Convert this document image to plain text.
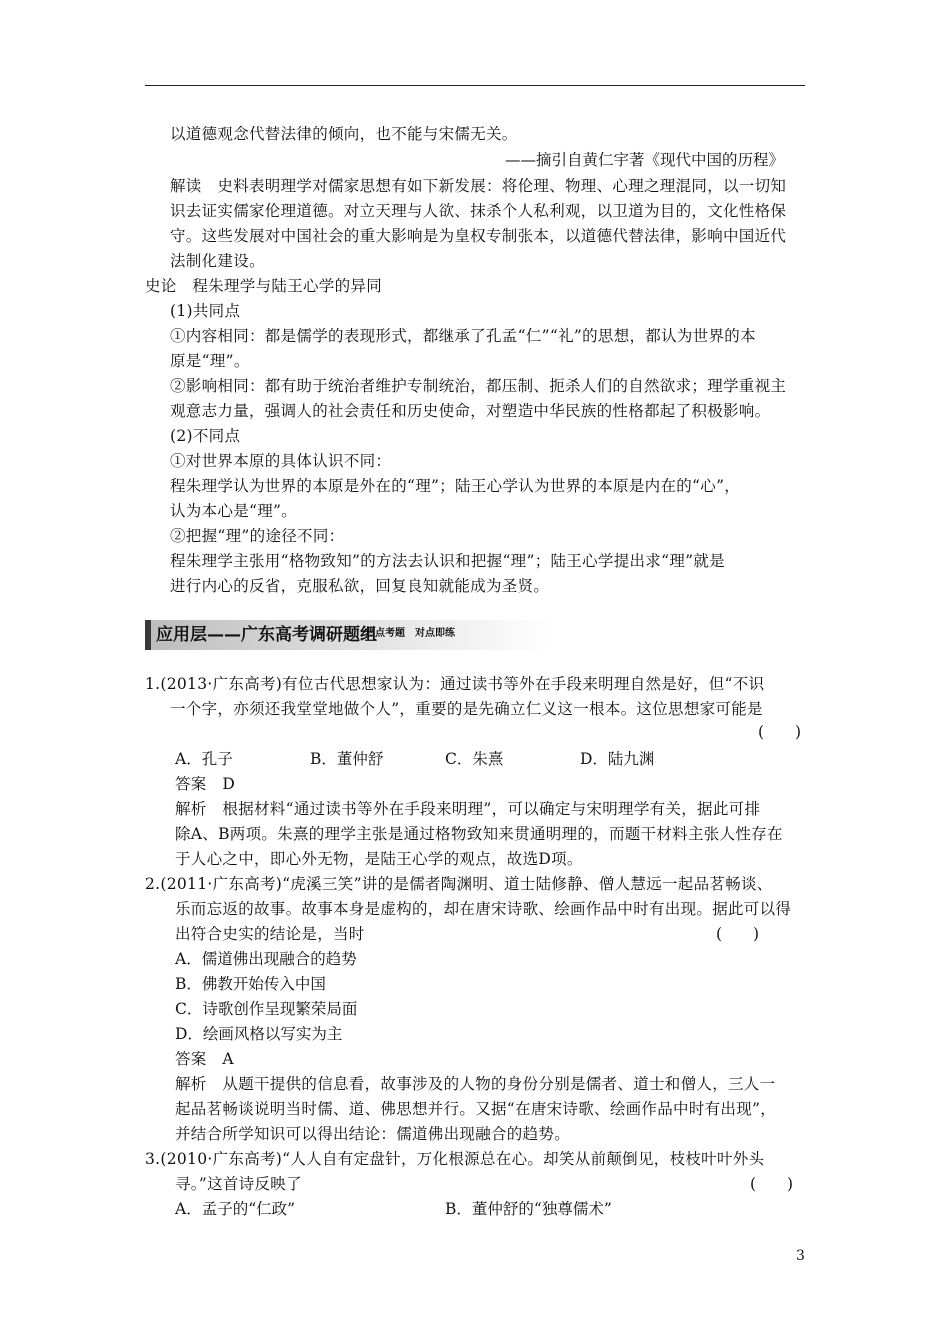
以道德观念代替法律的倾向，也不能与宋儒无关。
——摘引自黄仁宇著《现代中国的历程》
解读　史料表明理学对儒家思想有如下新发展：将伦理、物理、心理之理混同，以一切知
识去证实儒家伦理道德。对立天理与人欲、抹杀个人私利观，以卫道为目的，文化性格保
守。这些发展对中国社会的重大影响是为皇权专制张本，以道德代替法律，影响中国近代
法制化建设。
史论　程朱理学与陆王心学的异同
(1)共同点
①内容相同：都是儒学的表现形式，都继承了孔孟“仁”“礼”的思想，都认为世界的本
原是“理”。
②影响相同：都有助于统治者维护专制统治，都压制、扼杀人们的自然欲求；理学重视主
观意志力量，强调人的社会责任和历史使命，对塑造中华民族的性格都起了积极影响。
(2)不同点
①对世界本原的具体认识不同：
程朱理学认为世界的本原是外在的“理”；陆王心学认为世界的本原是内在的“心”，
认为本心是“理”。
②把握“理”的途径不同：
程朱理学主张用“格物致知”的方法去认识和把握“理”；陆王心学提出求“理”就是
进行内心的反省，克服私欲，回复良知就能成为圣贤。
应用层——广东高考调研题组
热点考题　对点即练
1.(2013·广东高考)有位古代思想家认为：通过读书等外在手段来明理自然是好，但“不识
一个字，亦须还我堂堂地做个人”，重要的是先确立仁义这一根本。这位思想家可能是
(　　)
A．孔子	B．董仲舒	C．朱熹	D．陆九渊
答案　D
解析　根据材料“通过读书等外在手段来明理”，可以确定与宋明理学有关，据此可排
除A、B两项。朱熹的理学主张是通过格物致知来贯通明理的，而题干材料主张人性存在
于人心之中，即心外无物，是陆王心学的观点，故选D项。
2.(2011·广东高考)“虎溪三笑”讲的是儒者陶渊明、道士陆修静、僧人慧远一起品茗畅谈、
乐而忘返的故事。故事本身是虚构的，却在唐宋诗歌、绘画作品中时有出现。据此可以得
出符合史实的结论是，当时	(　　)
A．儒道佛出现融合的趋势
B．佛教开始传入中国
C．诗歌创作呈现繁荣局面
D．绘画风格以写实为主
答案　A
解析　从题干提供的信息看，故事涉及的人物的身份分别是儒者、道士和僧人，三人一
起品茗畅谈说明当时儒、道、佛思想并行。又据“在唐宋诗歌、绘画作品中时有出现”，
并结合所学知识可以得出结论：儒道佛出现融合的趋势。
3.(2010·广东高考)“人人自有定盘针，万化根源总在心。却笑从前颠倒见，枝枝叶叶外头
寻。”这首诗反映了	(　　)
A．孟子的“仁政”	B．董仲舒的“独尊儒术”
3
